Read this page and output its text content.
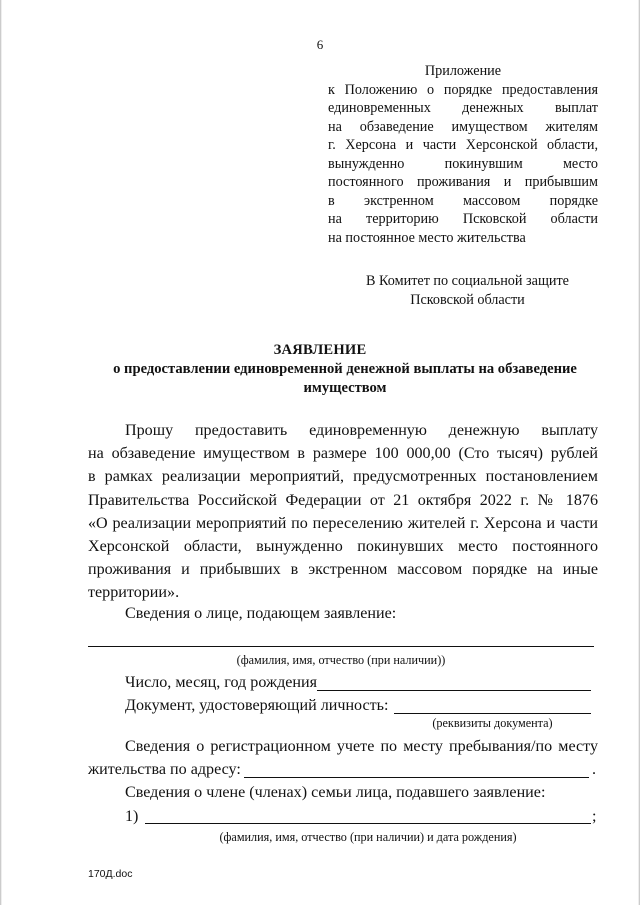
6
Приложение
к Положению о порядке предоставления
единовременных денежных выплат
на обзаведение имуществом жителям
г. Херсона и части Херсонской области,
вынужденно покинувшим место
постоянного проживания и прибывшим
в экстренном массовом порядке
на территорию Псковской области
на постоянное место жительства
В Комитет по социальной защите
Псковской области
ЗАЯВЛЕНИЕ
о предоставлении единовременной денежной выплаты на обзаведение
имуществом
Прошу предоставить единовременную денежную выплату
на обзаведение имуществом в размере 100 000,00 (Сто тысяч) рублей
в рамках реализации мероприятий, предусмотренных постановлением
Правительства Российской Федерации от 21 октября 2022 г. № 1876
«О реализации мероприятий по переселению жителей г. Херсона и части
Херсонской области, вынужденно покинувших место постоянного
проживания и прибывших в экстренном массовом порядке на иные
территории».
Сведения о лице, подающем заявление:
(фамилия, имя, отчество (при наличии))
Число, месяц, год рождения
Документ, удостоверяющий личность:
(реквизиты документа)
Сведения о регистрационном учете по месту пребывания/по месту
жительства по адресу:	.
Сведения о члене (членах) семьи лица, подавшего заявление:
1)	;
(фамилия, имя, отчество (при наличии) и дата рождения)
170Д.doc
